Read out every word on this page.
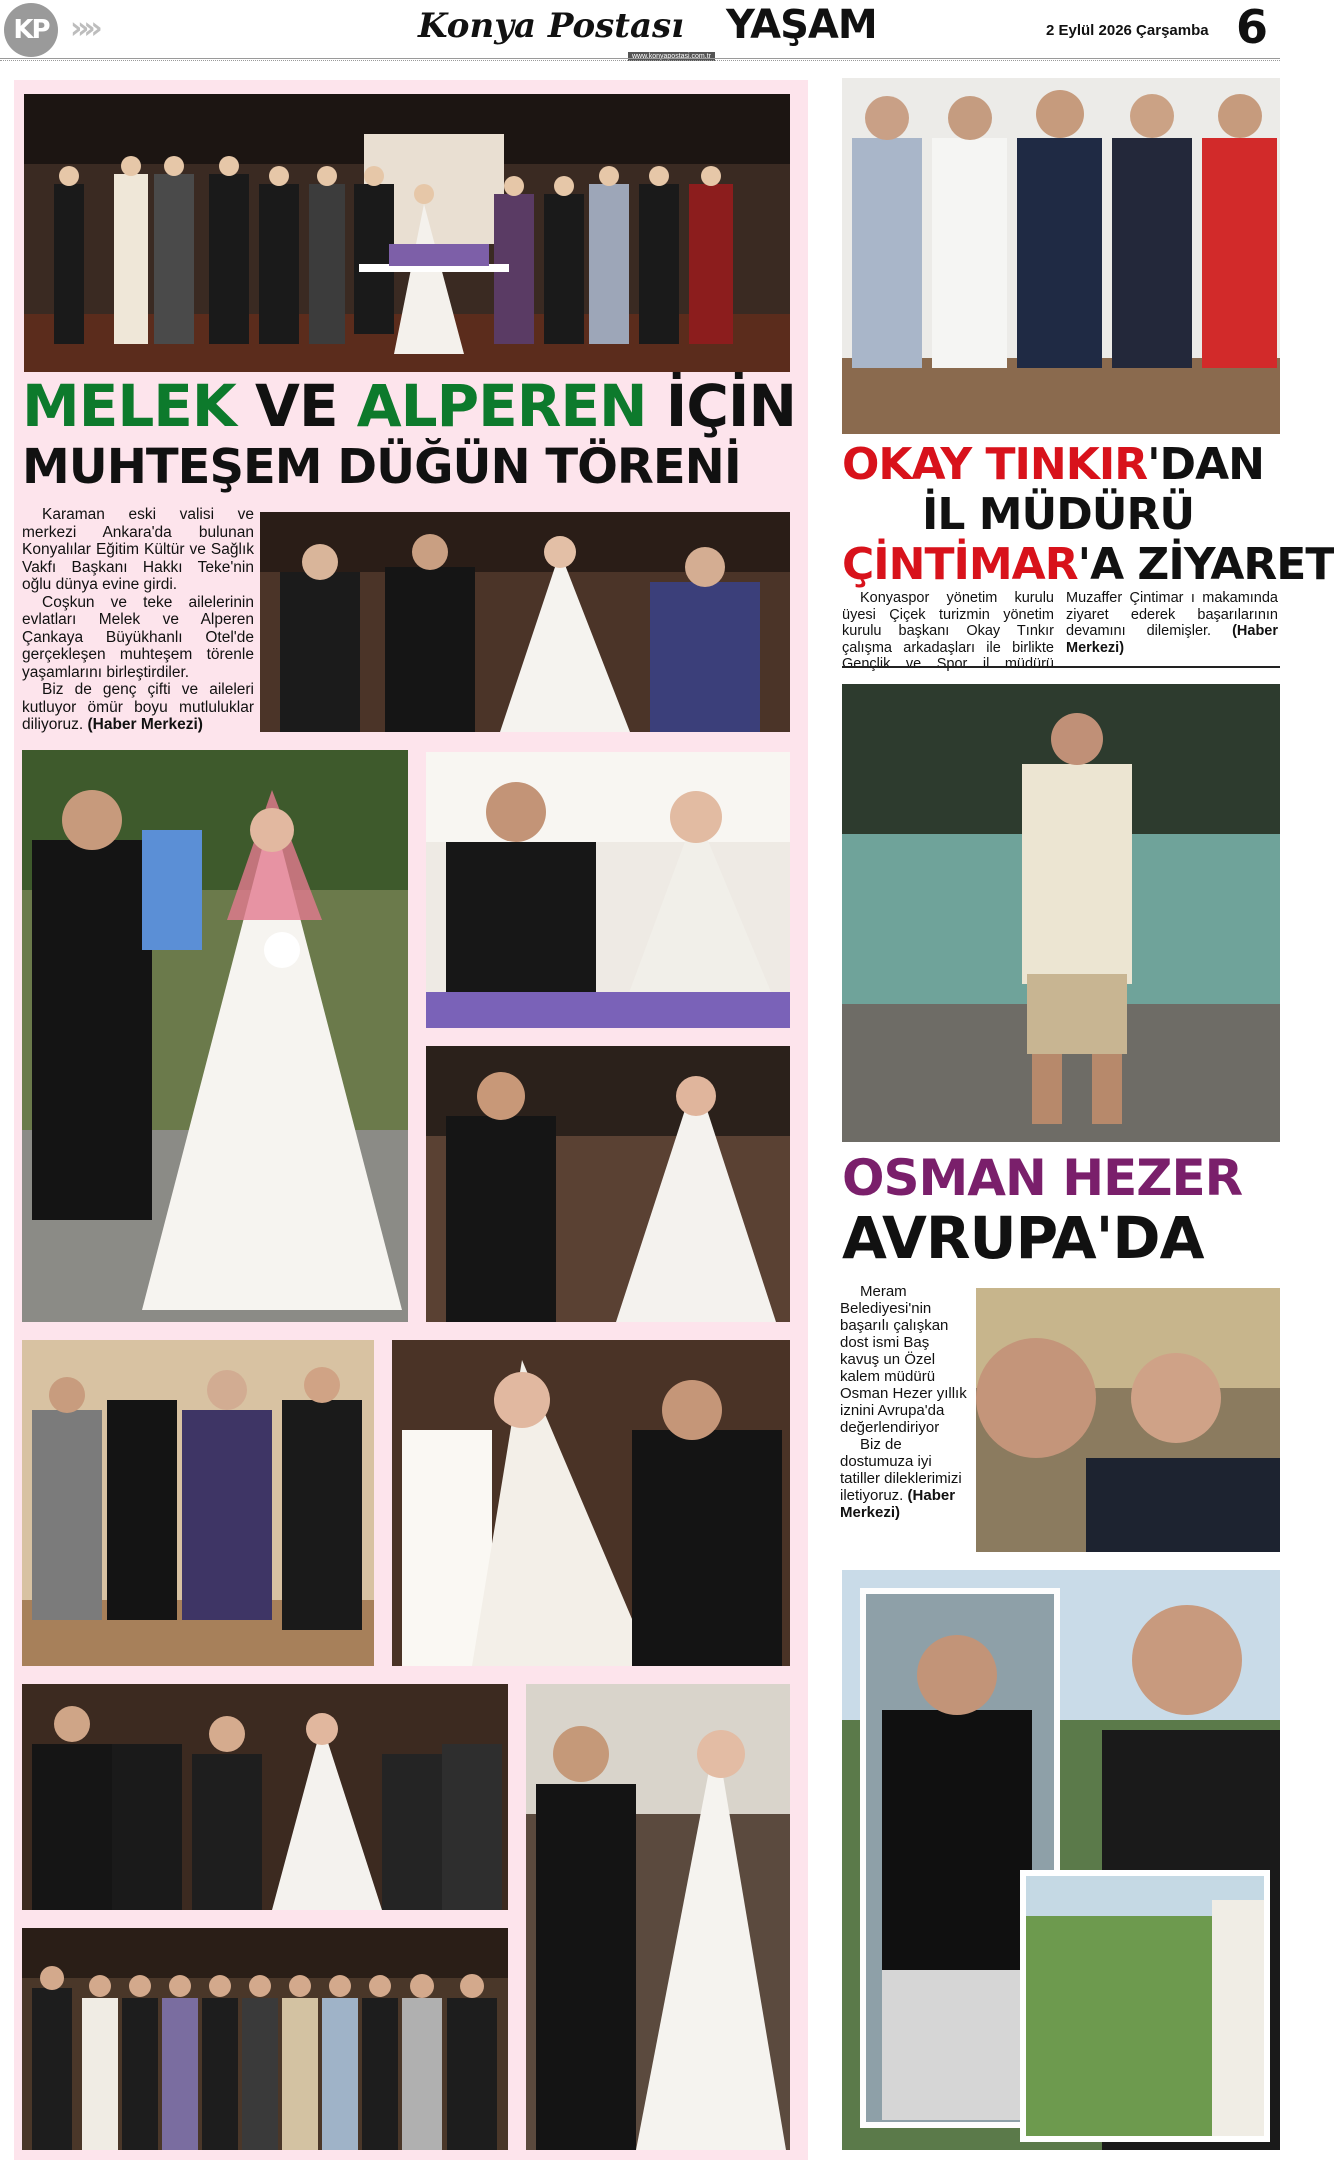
KP »»	Konya Postası YAŞAM
www.konyapostasi.com.tr
2 Eylül 2026 Çarşamba 6
MELEK VE ALPEREN İÇİN
MUHTEŞEM DÜĞÜN TÖRENİ

Karaman eski valisi ve merkezi Ankara'da bulunan Konyalılar Eğitim Kültür ve Sağlık Vakfı Başkanı Hakkı Teke'nin oğlu dünya evine girdi.

Coşkun ve teke ailelerinin evlatları Melek ve Alperen Çankaya Büyükhanlı Otel'de gerçekleşen muhteşem törenle yaşamlarını birleştirdiler.

Biz de genç çifti ve aileleri kutluyor ömür boyu mutluluklar diliyoruz. (Haber Merkezi)

OKAY TINKIR'DAN
İL MÜDÜRÜ
ÇİNTİMAR'A ZİYARET

Konyaspor yönetim kurulu üyesi Çiçek turizmin yönetim kurulu başkanı Okay Tınkır çalışma arkadaşları ile birlikte Gençlik ve Spor il müdürü Muzaffer Çintimar ı makamında ziyaret ederek başarılarının devamını dilemişler. (Haber Merkezi)

OSMAN HEZER
AVRUPA'DA

Meram Belediyesi'nin başarılı çalışkan dost ismi Baş kavuş un Özel kalem müdürü Osman Hezer yıllık iznini Avrupa'da değerlendiriyor

Biz de dostumuza iyi tatiller dileklerimizi iletiyoruz. (Haber Merkezi)
